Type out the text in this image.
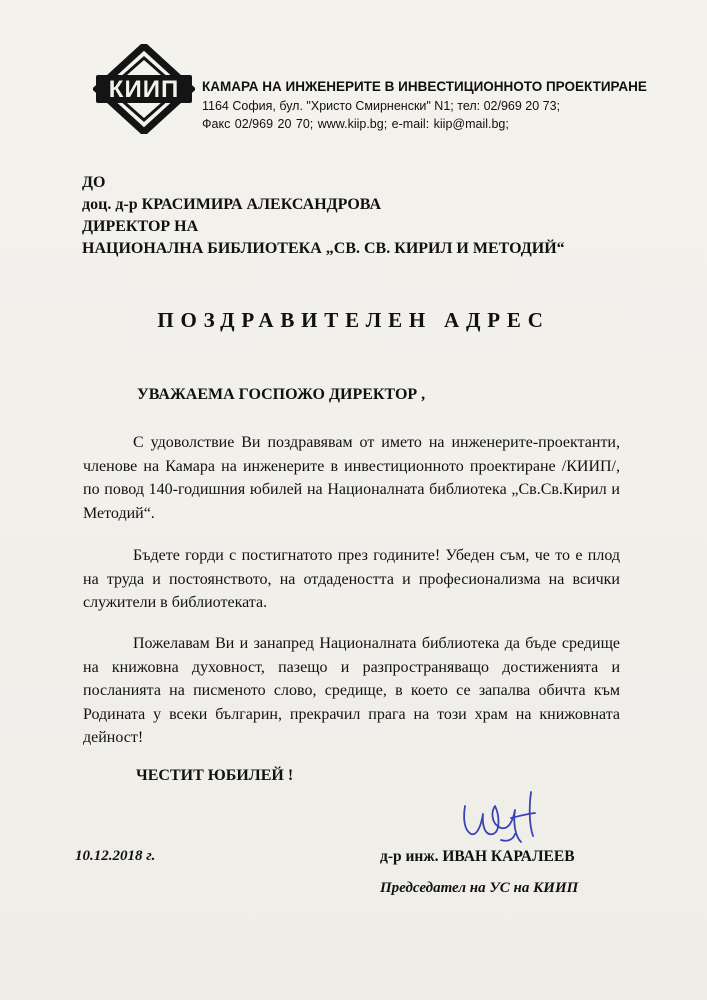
КИИП КАМАРА НА ИНЖЕНЕРИТЕ В ИНВЕСТИЦИОННОТО ПРОЕКТИРАНЕ
1164 София, бул. "Христо Смирненски" N1; тел: 02/969 20 73;
Факс 02/969 20 70; www.kiip.bg; e-mail: kiip@mail.bg;
ДО
доц. д-р КРАСИМИРА АЛЕКСАНДРОВА
ДИРЕКТОР НА
НАЦИОНАЛНА БИБЛИОТЕКА „СВ. СВ. КИРИЛ И МЕТОДИЙ“
ПОЗДРАВИТЕЛЕН АДРЕС
УВАЖАЕМА ГОСПОЖО ДИРЕКТОР ,

С удоволствие Ви поздравявам от името на инженерите-проектанти, членове на Камара на инженерите в инвестиционното проектиране /КИИП/, по повод 140-годишния юбилей на Националната библиотека „Св.Св.Кирил и Методий“.

Бъдете горди с постигнатото през годините! Убеден съм, че то е плод на труда и постоянството, на отдадеността и професионализма на всички служители в библиотеката.

Пожелавам Ви и занапред Националната библиотека да бъде средище на книжовна духовност, пазещо и разпространяващо достиженията и посланията на писменото слово, средище, в което се запалва обичта към Родината у всеки българин, прекрачил прага на този храм на книжовната дейност!

ЧЕСТИТ ЮБИЛЕЙ !
10.12.2018 г.	д-р инж. ИВАН КАРАЛЕЕВ
Председател на УС на КИИП
